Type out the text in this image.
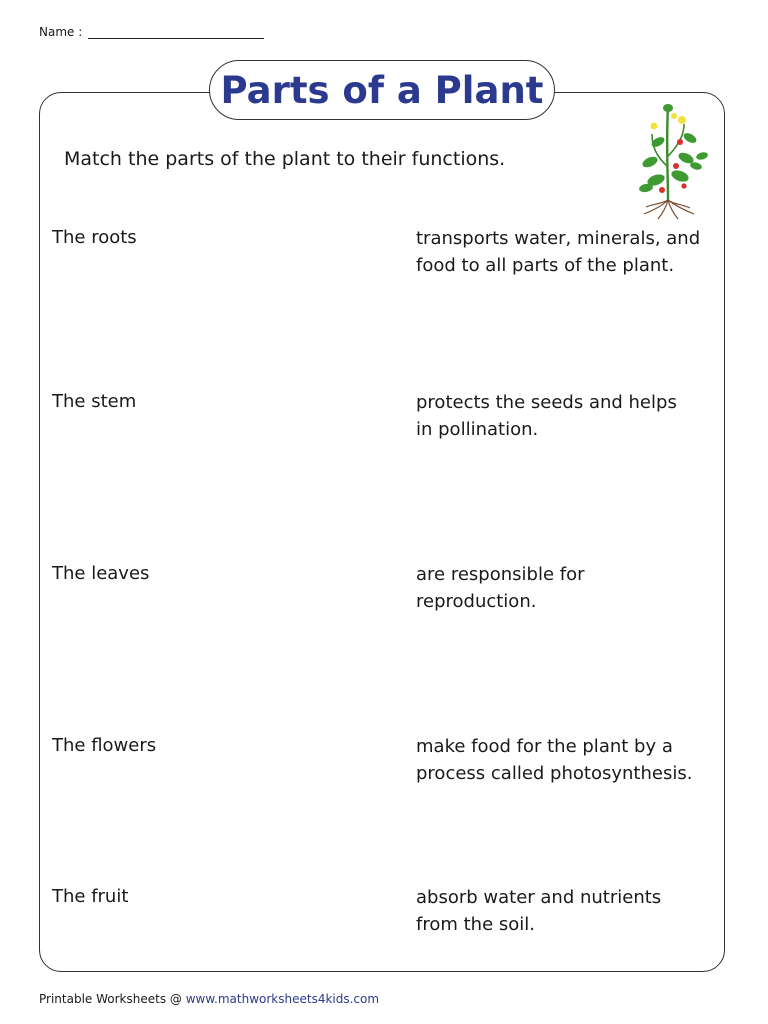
Name :
Parts of a Plant
Match the parts of the plant to their functions.
The roots
The stem
The leaves
The flowers
The fruit
transports water, minerals, and
food to all parts of the plant.
protects the seeds and helps
in pollination.
are responsible for
reproduction.
make food for the plant by a
process called photosynthesis.
absorb water and nutrients
from the soil.
Printable Worksheets @ www.mathworksheets4kids.com
